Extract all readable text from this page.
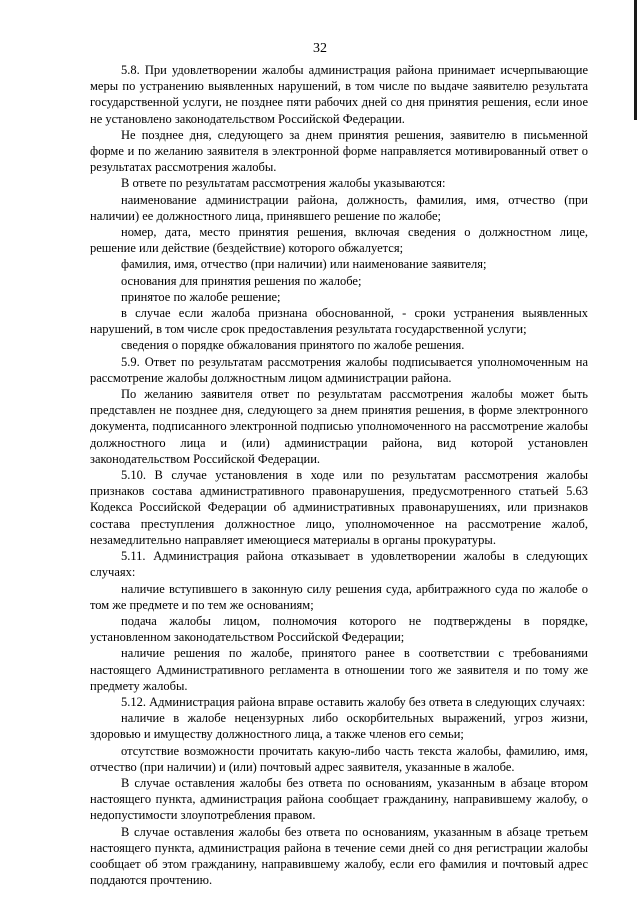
32

5.8. При удовлетворении жалобы администрация района принимает исчерпывающие меры по устранению выявленных нарушений, в том числе по выдаче заявителю результата государственной услуги, не позднее пяти рабочих дней со дня принятия решения, если иное не установлено законодательством Российской Федерации.

Не позднее дня, следующего за днем принятия решения, заявителю в письменной форме и по желанию заявителя в электронной форме направляется мотивированный ответ о результатах рассмотрения жалобы.

В ответе по результатам рассмотрения жалобы указываются:

наименование администрации района, должность, фамилия, имя, отчество (при наличии) ее должностного лица, принявшего решение по жалобе;

номер, дата, место принятия решения, включая сведения о должностном лице, решение или действие (бездействие) которого обжалуется;

фамилия, имя, отчество (при наличии) или наименование заявителя;

основания для принятия решения по жалобе;

принятое по жалобе решение;

в случае если жалоба признана обоснованной, - сроки устранения выявленных нарушений, в том числе срок предоставления результата государственной услуги;

сведения о порядке обжалования принятого по жалобе решения.

5.9. Ответ по результатам рассмотрения жалобы подписывается уполномоченным на рассмотрение жалобы должностным лицом администрации района.

По желанию заявителя ответ по результатам рассмотрения жалобы может быть представлен не позднее дня, следующего за днем принятия решения, в форме электронного документа, подписанного электронной подписью уполномоченного на рассмотрение жалобы должностного лица и (или) администрации района, вид которой установлен законодательством Российской Федерации.

5.10. В случае установления в ходе или по результатам рассмотрения жалобы признаков состава административного правонарушения, предусмотренного статьей 5.63 Кодекса Российской Федерации об административных правонарушениях, или признаков состава преступления должностное лицо, уполномоченное на рассмотрение жалоб, незамедлительно направляет имеющиеся материалы в органы прокуратуры.

5.11. Администрация района отказывает в удовлетворении жалобы в следующих случаях:

наличие вступившего в законную силу решения суда, арбитражного суда по жалобе о том же предмете и по тем же основаниям;

подача жалобы лицом, полномочия которого не подтверждены в порядке, установленном законодательством Российской Федерации;

наличие решения по жалобе, принятого ранее в соответствии с требованиями настоящего Административного регламента в отношении того же заявителя и по тому же предмету жалобы.

5.12. Администрация района вправе оставить жалобу без ответа в следующих случаях:

наличие в жалобе нецензурных либо оскорбительных выражений, угроз жизни, здоровью и имуществу должностного лица, а также членов его семьи;

отсутствие возможности прочитать какую-либо часть текста жалобы, фамилию, имя, отчество (при наличии) и (или) почтовый адрес заявителя, указанные в жалобе.

В случае оставления жалобы без ответа по основаниям, указанным в абзаце втором настоящего пункта, администрация района сообщает гражданину, направившему жалобу, о недопустимости злоупотребления правом.

В случае оставления жалобы без ответа по основаниям, указанным в абзаце третьем настоящего пункта, администрация района в течение семи дней со дня регистрации жалобы сообщает об этом гражданину, направившему жалобу, если его фамилия и почтовый адрес поддаются прочтению.
